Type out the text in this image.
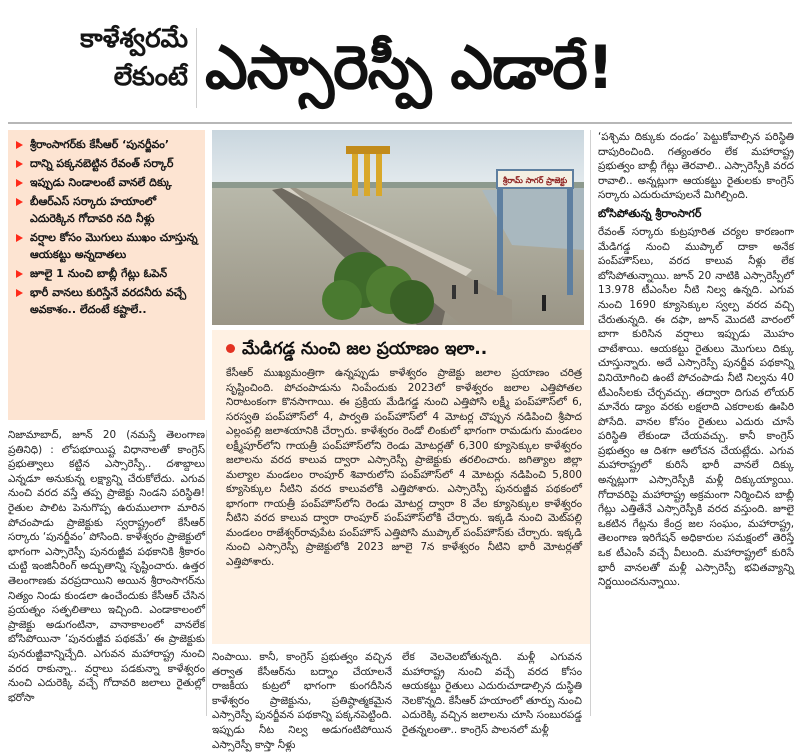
కాళేశ్వరమే
లేకుంటే ఎస్సారెస్పీ ఎడారే!
శ్రీరాంసాగర్‌కు కేసీఆర్ ‘పునర్జీవం’
దాన్ని పక్కనబెట్టిన రేవంత్ సర్కార్
ఇప్పుడు నిండాలంటే వానలే దిక్కు
బీఆర్ఎస్ సర్కారు హయాంలో ఎదురెక్కిన గోదావరి నది నీళ్లు
వర్షాల కోసం మొగులు ముఖం చూస్తున్న ఆయకట్టు అన్నదాతలు
జూలై 1 నుంచి బాబ్లీ గేట్లు ఓపెన్
భారీ వానలు కురిస్తేనే వరదనీరు వచ్చే అవకాశం.. లేదంటే కష్టాలే..
శ్రీరామ్ సాగర్ ప్రాజెక్టు

నిజామాబాద్, జూన్ 20 (నమస్తే తెలంగాణ ప్రతినిధి) : లోపభూయిష్ట విధానాలతో కాంగ్రెస్ ప్రభుత్వాలు కట్టిన ఎస్సారెస్పీ.. దశాబ్దాలు ఎన్నడూ అనుకున్న లక్ష్యాన్ని చేరుకోలేదు. ఎగువ నుంచి వరద వస్తే తప్ప ప్రాజెక్టు నిండని పరిస్థితి! రైతుల పాలిట పెనుగొప్ప ఉరుములాగా మారిన పోచంపాడు ప్రాజెక్టుకు స్వరాష్ట్రంలో కేసీఆర్ సర్కారు ‘పునర్జీవం’ పోసింది. కాళేశ్వరం ప్రాజెక్టులో భాగంగా ఎస్సారెస్పీ పునరుజ్జీవ పథకానికి శ్రీకారం చుట్టి ఇంజినీరింగ్ అద్భుతాన్ని సృష్టించారు. ఉత్తర తెలంగాణకు వరప్రదాయిని అయిన శ్రీరాంసాగర్‌ను నిత్యం నిండు కుండలా ఉంచేందుకు కేసీఆర్ చేసిన ప్రయత్నం సత్ఫలితాలు ఇచ్చింది. ఎండాకాలంలో ప్రాజెక్టు అడుగంటినా, వానాకాలంలో వానలేక బోసిపోయినా ‘పునరుజ్జీవ పథకమే’ ఈ ప్రాజెక్టుకు పునరుజ్జీవాన్నిచ్చేది. ఎగువన మహారాష్ట్ర నుంచి వరద రాకున్నా.. వర్షాలు పడకున్నా కాళేశ్వరం నుంచి ఎదురెక్కి వచ్చే గోదావరి జలాలు రైతుల్లో భరోసా

మేడిగడ్డ నుంచి జల ప్రయాణం ఇలా..
కేసీఆర్ ముఖ్యమంత్రిగా ఉన్నప్పుడు కాళేశ్వరం ప్రాజెక్టు జలాల ప్రయాణం చరిత్ర సృష్టించింది. పోచంపాడును నింపేందుకు 2023లో కాళేశ్వరం జలాల ఎత్తిపోతల నిరాటంకంగా కొనసాగాయి. ఈ ప్రక్రియ మేడిగడ్డ నుంచి ఎత్తిపోసి లక్ష్మీ పంప్‌హౌస్‌లో 6, సరస్వతి పంప్‌హౌస్‌లో 4, పార్వతి పంప్‌హౌస్‌లో 4 మోటర్ల చొప్పున నడిపించి శ్రీపాద ఎల్లంపల్లి జలాశయానికి చేర్చారు. కాళేశ్వరం రెండో లింకులో భాగంగా రామడుగు మండలం లక్ష్మీపూర్‌లోని గాయత్రీ పంప్‌హౌస్‌లోని రెండు మోటర్లతో 6,300 క్యూసెక్కుల కాళేశ్వరం జలాలను వరద కాలువ ద్వారా ఎస్సారెస్పీ ప్రాజెక్టుకు తరలించారు. జగిత్యాల జిల్లా మల్యాల మండలం రాంపూర్ శివారులోని పంప్‌హౌస్‌లో 4 మోటర్లు నడిపించి 5,800 క్యూసెక్కుల నీటిని వరద కాలువలోకి ఎత్తిపోశారు. ఎస్సారెస్పీ పునరుజ్జీవ పథకంలో భాగంగా గాయత్రీ పంప్‌హౌస్‌లోని రెండు మోటర్ల ద్వారా 8 వేల క్యూసెక్కుల కాళేశ్వరం నీటిని వరద కాలువ ద్వారా రాంపూర్ పంప్‌హౌస్‌లోకి చేర్చారు. ఇక్కడి నుంచి మెట్‌పల్లి మండలం రాజేశ్వర్‌రావుపేట పంప్‌హౌస్ ఎత్తిపోసి ముప్కాల్ పంప్‌హౌస్‌కు చేర్చారు. ఇక్కడి నుంచి ఎస్సారెస్పీ ప్రాజెక్టులోకి 2023 జూలై 7న కాళేశ్వరం నీటిని భారీ మోటర్లతో ఎత్తిపోశారు.
నింపాయి. కానీ, కాంగ్రెస్ ప్రభుత్వం వచ్చిన తర్వాత కేసీఆర్‌ను బద్నాం చేయాలనే రాజకీయ కుట్రలో భాగంగా కుంగదీసిన కాళేశ్వరం ప్రాజెక్టును, ప్రతిష్ఠాత్మకమైన ఎస్సారెస్పీ పునర్జీవన పథకాన్ని పక్కనపెట్టింది. ఇప్పుడు నీట నిల్వ అడుగంటిపోయిన ఎస్సారెస్పీ కాస్తా నీళ్లు
లేక వెలవెలబోతున్నది. మళ్లీ ఎగువన మహారాష్ట్ర నుంచి వచ్చే వరద కోసం ఆయకట్టు రైతులు ఎదురుచూడాల్సిన దుస్థితి నెలకొన్నది. కేసీఆర్ హయాంలో తూర్పు నుంచి ఎదురెక్కి వచ్చిన జలాలను చూసి సంబురపడ్డ రైతన్నలంతా.. కాంగ్రెస్ పాలనలో మళ్లీ

‘పశ్చిమ దిక్కుకు దండం’ పెట్టుకోవాల్సిన పరిస్థితి దాపురించింది. గత్యంతరం లేక మహారాష్ట్ర ప్రభుత్వం బాబ్లీ గేట్లు తెరవాలి.. ఎస్సారెస్పీకి వరద రావాలి.. అన్నట్లుగా ఆయకట్టు రైతులకు కాంగ్రెస్ సర్కారు ఎదురుచూపులనే మిగిల్చింది.

బోసిపోతున్న శ్రీరాంసాగర్

రేవంత్ సర్కారు కుట్రపూరిత చర్యల కారణంగా మేడిగడ్డ నుంచి ముప్కాల్ దాకా అనేక పంప్‌హౌస్‌లు, వరద కాలువ నీళ్లు లేక బోసిపోతున్నాయి. జూన్ 20 నాటికి ఎస్సారెస్పీలో 13.978 టీఎంసీల నీటి నిల్వ ఉన్నది. ఎగువ నుంచి 1690 క్యూసెక్కుల స్వల్ప వరద వచ్చి చేరుతున్నది. ఈ దఫా, జూన్ మొదటి వారంలో బాగా కురిసిన వర్షాలు ఇప్పుడు మొహం చాటేశాయి. ఆయకట్టు రైతులు మొగులు దిక్కు చూస్తున్నారు. అదే ఎస్సారెస్పీ పునర్జీవ పథకాన్ని వినియోగించి ఉంటే పోచంపాడు నీటి నిల్వను 40 టీఎంసీలకు చేర్చవచ్చు. తద్వారా దిగువ లోయర్ మానేరు డ్యాం వరకు లక్షలాది ఎకరాలకు ఊపిరి పోసేది. వానల కోసం రైతులు ఎదురు చూసే పరిస్థితి లేకుండా చేయవచ్చు. కానీ కాంగ్రెస్ ప్రభుత్వం ఆ దిశగా ఆలోచన చేయట్లేదు. ఎగువ మహారాష్ట్రలో కురిసే భారీ వానలే దిక్కు అన్నట్లుగా ఎస్సారెస్పీకి మళ్లీ దిక్కుయ్యాయి. గోదావరిపై మహారాష్ట్ర అక్రమంగా నిర్మించిన బాబ్లీ గేట్లు ఎత్తితేనే ఎస్సారెస్పీకి వరద వస్తుంది. జూలై ఒకటిన గేట్లను కేంద్ర జల సంఘం, మహారాష్ట్ర, తెలంగాణ ఇరిగేషన్ అధికారుల సమక్షంలో తెరిస్తే ఒక టీఎంసీ వచ్చే వీలుంది. మహారాష్ట్రలో కురిసే భారీ వానలతో మళ్లీ ఎస్సారెస్పీ భవితవ్యాన్ని నిర్ణయించనున్నాయి.
